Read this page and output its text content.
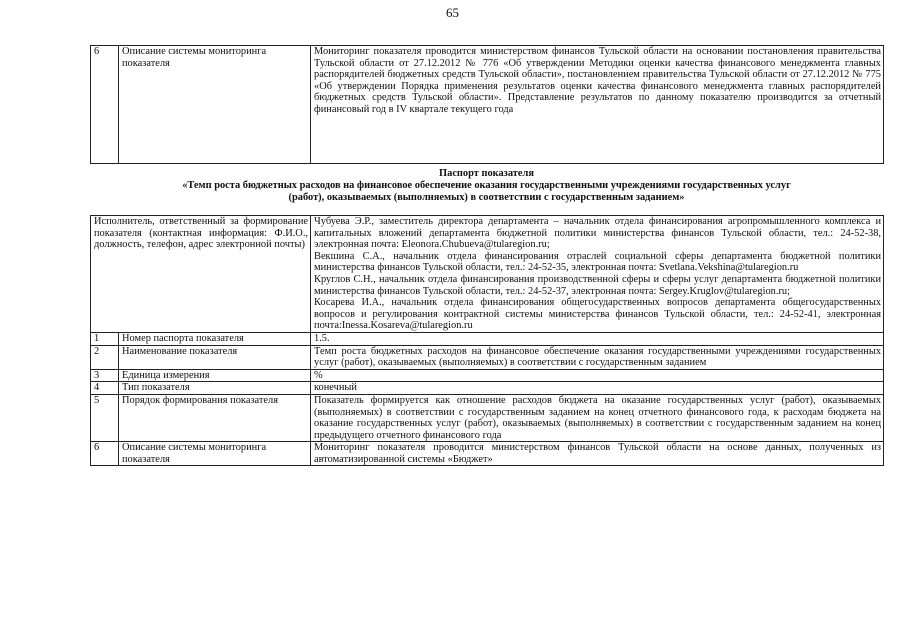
65
6	Описание системы мониторинга показателя	Мониторинг показателя проводится министерством финансов Тульской области на основании постановления правительства Тульской области от 27.12.2012 № 776 «Об утверждении Методики оценки качества финансового менеджмента главных распорядителей бюджетных средств Тульской области», постановлением правительства Тульской области от 27.12.2012 № 775 «Об утверждении Порядка применения результатов оценки качества финансового менеджмента главных распорядителей бюджетных средств Тульской области». Представление результатов по данному показателю производится за отчетный финансовый год в IV квартале текущего года
Паспорт показателя
«Темп роста бюджетных расходов на финансовое обеспечение оказания государственными учреждениями государственных услуг
(работ), оказываемых (выполняемых) в соответствии с государственным заданием»
Исполнитель, ответственный за формирование показателя (контактная информация: Ф.И.О., должность, телефон, адрес электронной почты)		Чубуева Э.Р., заместитель директора департамента – начальник отдела финансирования агропромышленного комплекса и капитальных вложений департамента бюджетной политики министерства финансов Тульской области, тел.: 24-52-38, электронная почта: Eleonora.Chubueva@tularegion.ru;
Векшина С.А., начальник отдела финансирования отраслей социальной сферы департамента бюджетной политики министерства финансов Тульской области, тел.: 24-52-35, электронная почта: Svetlana.Vekshina@tularegion.ru
Круглов С.Н., начальник отдела финансирования производственной сферы и сферы услуг департамента бюджетной политики министерства финансов Тульской области, тел.: 24-52-37, электронная почта: Sergey.Kruglov@tularegion.ru;
Косарева И.А., начальник отдела финансирования общегосударственных вопросов департамента общегосударственных вопросов и регулирования контрактной системы министерства финансов Тульской области, тел.: 24-52-41, электронная почта:Inessa.Kosareva@tularegion.ru

1	Номер паспорта показателя	1.5.
2	Наименование показателя	Темп роста бюджетных расходов на финансовое обеспечение оказания государственными учреждениями государственных услуг (работ), оказываемых (выполняемых) в соответствии с государственным заданием
3	Единица измерения	%
4	Тип показателя	конечный
5	Порядок формирования показателя	Показатель формируется как отношение расходов бюджета на оказание государственных услуг (работ), оказываемых (выполняемых) в соответствии с государственным заданием на конец отчетного финансового года, к расходам бюджета на оказание государственных услуг (работ), оказываемых (выполняемых) в соответствии с государственным заданием на конец предыдущего отчетного финансового года
6	Описание системы мониторинга показателя	Мониторинг показателя проводится министерством финансов Тульской области на основе данных, полученных из автоматизированной системы «Бюджет»
